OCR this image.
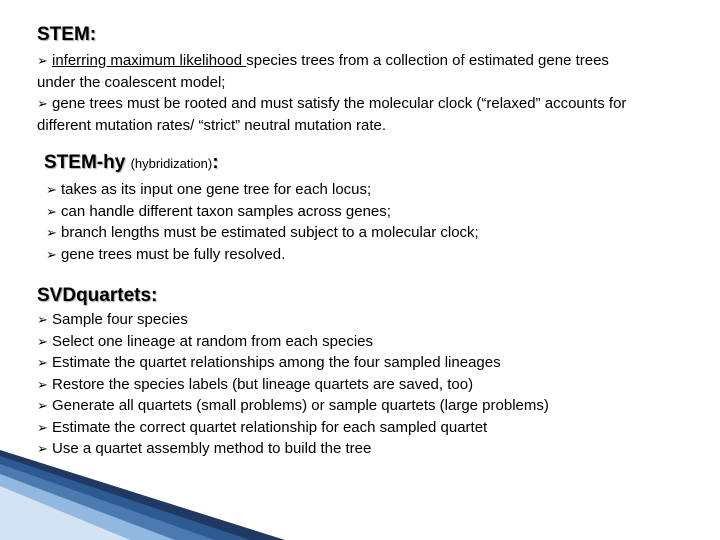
STEM:
➢ inferring maximum likelihood species trees from a collection of estimated gene trees
under the coalescent model;
➢ gene trees must be rooted and must satisfy the molecular clock (“relaxed” accounts for
different mutation rates/ “strict” neutral mutation rate.
STEM-hy (hybridization):
➢ takes as its input one gene tree for each locus;
➢ can handle different taxon samples across genes;
➢ branch lengths must be estimated subject to a molecular clock;
➢ gene trees must be fully resolved.
SVDquartets:
➢ Sample four species
➢ Select one lineage at random from each species
➢ Estimate the quartet relationships among the four sampled lineages
➢ Restore the species labels (but lineage quartets are saved, too)
➢ Generate all quartets (small problems) or sample quartets (large problems)
➢ Estimate the correct quartet relationship for each sampled quartet
➢ Use a quartet assembly method to build the tree
